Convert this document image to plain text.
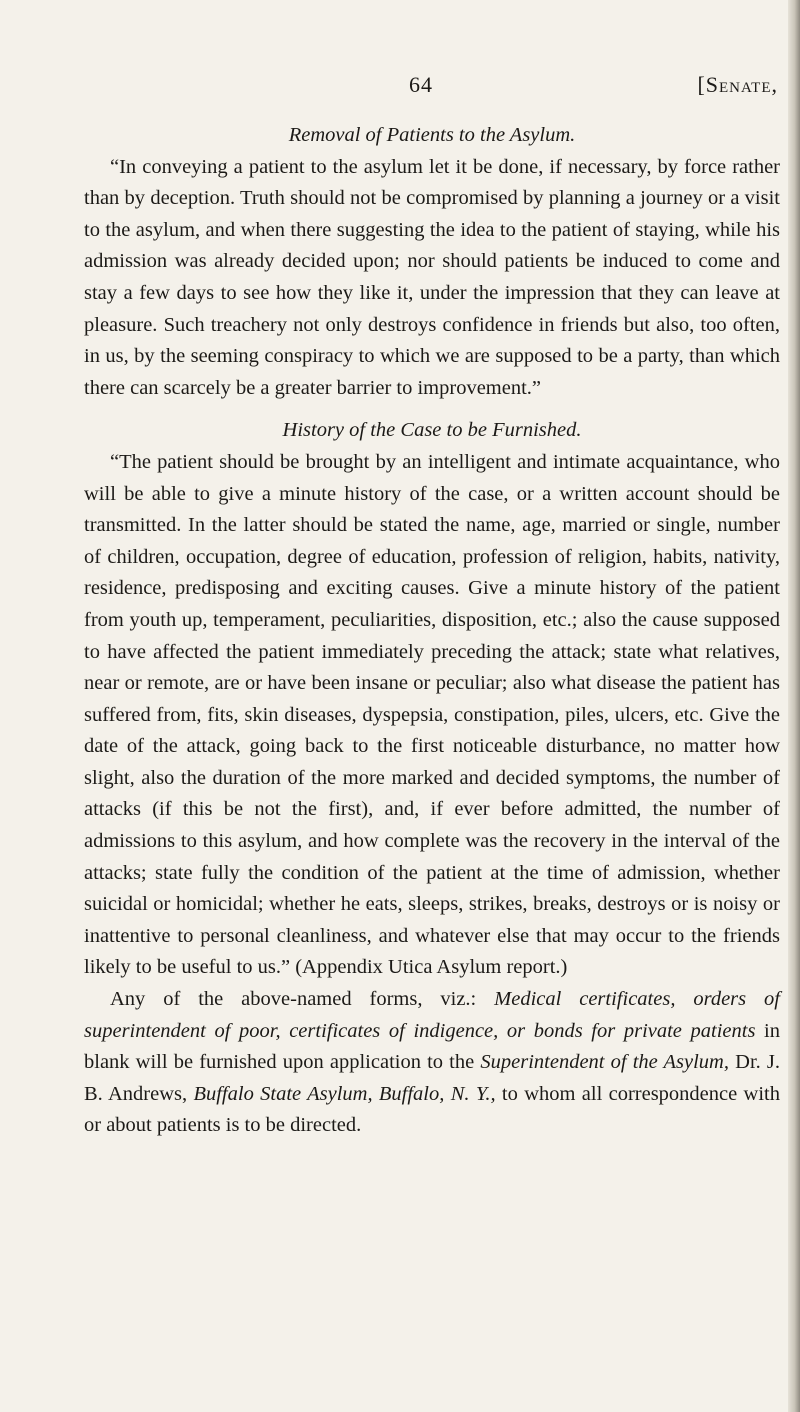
64	[Senate,
Removal of Patients to the Asylum.

“In conveying a patient to the asylum let it be done, if necessary, by force rather than by deception. Truth should not be compromised by planning a journey or a visit to the asylum, and when there suggesting the idea to the patient of staying, while his admission was already decided upon; nor should patients be induced to come and stay a few days to see how they like it, under the impression that they can leave at pleasure. Such treachery not only destroys confidence in friends but also, too often, in us, by the seeming conspiracy to which we are supposed to be a party, than which there can scarcely be a greater barrier to improvement.”

History of the Case to be Furnished.

“The patient should be brought by an intelligent and intimate acquaintance, who will be able to give a minute history of the case, or a written account should be transmitted. In the latter should be stated the name, age, married or single, number of children, occupation, degree of education, profession of religion, habits, nativity, residence, predisposing and exciting causes. Give a minute history of the patient from youth up, temperament, peculiarities, disposition, etc.; also the cause supposed to have affected the patient immediately preceding the attack; state what relatives, near or remote, are or have been insane or peculiar; also what disease the patient has suffered from, fits, skin diseases, dyspepsia, constipation, piles, ulcers, etc. Give the date of the attack, going back to the first noticeable disturbance, no matter how slight, also the duration of the more marked and decided symptoms, the number of attacks (if this be not the first), and, if ever before admitted, the number of admissions to this asylum, and how complete was the recovery in the interval of the attacks; state fully the condition of the patient at the time of admission, whether suicidal or homicidal; whether he eats, sleeps, strikes, breaks, destroys or is noisy or inattentive to personal cleanliness, and whatever else that may occur to the friends likely to be useful to us.” (Appendix Utica Asylum report.)

Any of the above-named forms, viz.: Medical certificates, orders of superintendent of poor, certificates of indigence, or bonds for private patients in blank will be furnished upon application to the Superintendent of the Asylum, Dr. J. B. Andrews, Buffalo State Asylum, Buffalo, N. Y., to whom all correspondence with or about patients is to be directed.
